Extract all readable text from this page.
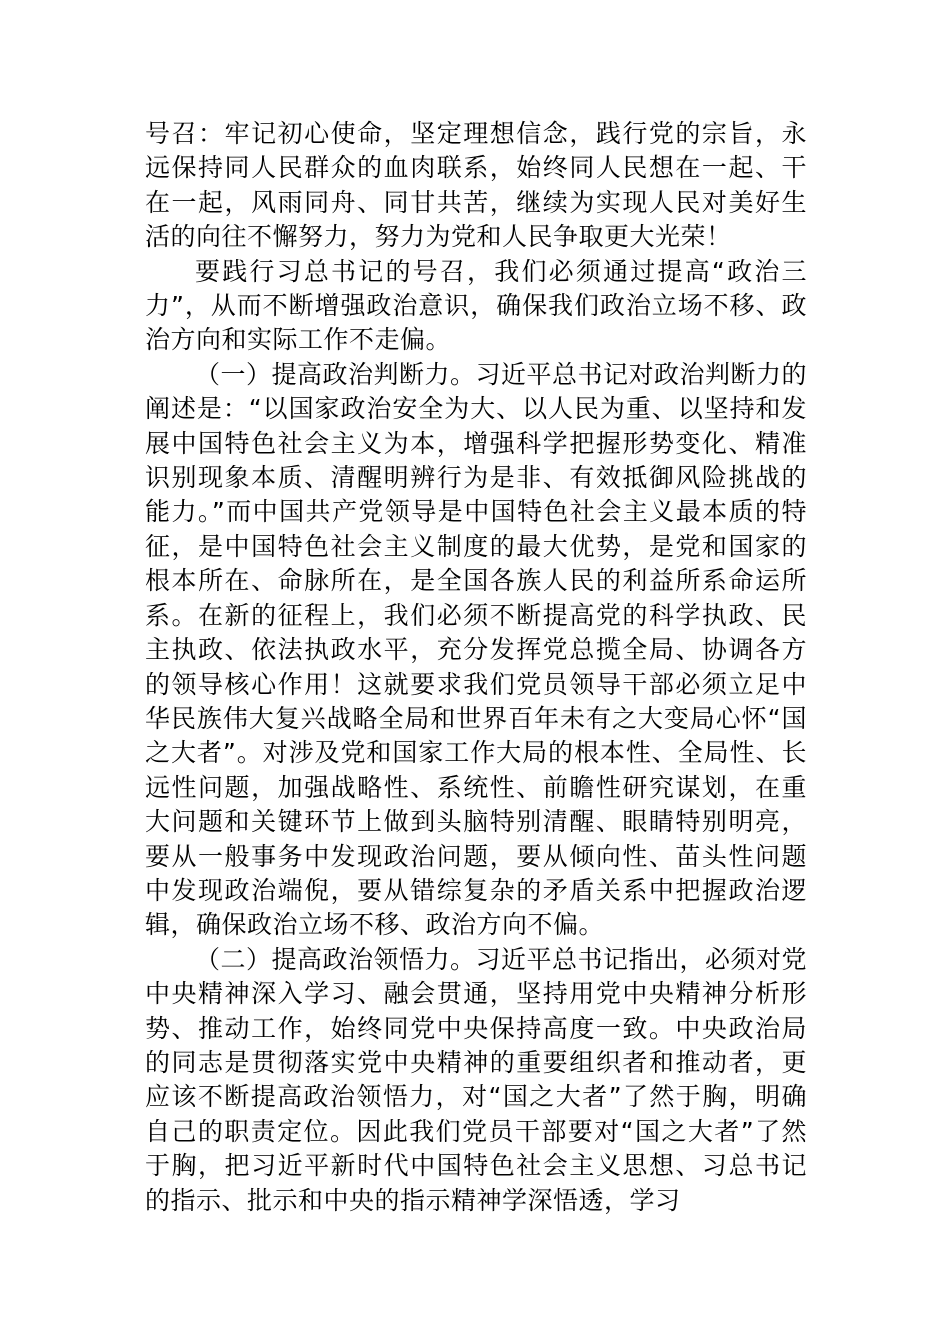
号召：牢记初心使命，坚定理想信念，践行党的宗旨，永远保持同人民群众的血肉联系，始终同人民想在一起、干在一起，风雨同舟、同甘共苦，继续为实现人民对美好生活的向往不懈努力，努力为党和人民争取更大光荣！

要践行习总书记的号召，我们必须通过提高“政治三力”，从而不断增强政治意识，确保我们政治立场不移、政治方向和实际工作不走偏。

（一）提高政治判断力。习近平总书记对政治判断力的阐述是：“以国家政治安全为大、以人民为重、以坚持和发展中国特色社会主义为本，增强科学把握形势变化、精准识别现象本质、清醒明辨行为是非、有效抵御风险挑战的能力。”而中国共产党领导是中国特色社会主义最本质的特征，是中国特色社会主义制度的最大优势，是党和国家的根本所在、命脉所在，是全国各族人民的利益所系命运所系。在新的征程上，我们必须不断提高党的科学执政、民主执政、依法执政水平，充分发挥党总揽全局、协调各方的领导核心作用！这就要求我们党员领导干部必须立足中华民族伟大复兴战略全局和世界百年未有之大变局心怀“国之大者”。对涉及党和国家工作大局的根本性、全局性、长远性问题，加强战略性、系统性、前瞻性研究谋划，在重大问题和关键环节上做到头脑特别清醒、眼睛特别明亮，要从一般事务中发现政治问题，要从倾向性、苗头性问题中发现政治端倪，要从错综复杂的矛盾关系中把握政治逻辑，确保政治立场不移、政治方向不偏。

（二）提高政治领悟力。习近平总书记指出，必须对党中央精神深入学习、融会贯通，坚持用党中央精神分析形势、推动工作，始终同党中央保持高度一致。中央政治局的同志是贯彻落实党中央精神的重要组织者和推动者，更应该不断提高政治领悟力，对“国之大者”了然于胸，明确自己的职责定位。因此我们党员干部要对“国之大者”了然于胸，把习近平新时代中国特色社会主义思想、习总书记的指示、批示和中央的指示精神学深悟透，学习
